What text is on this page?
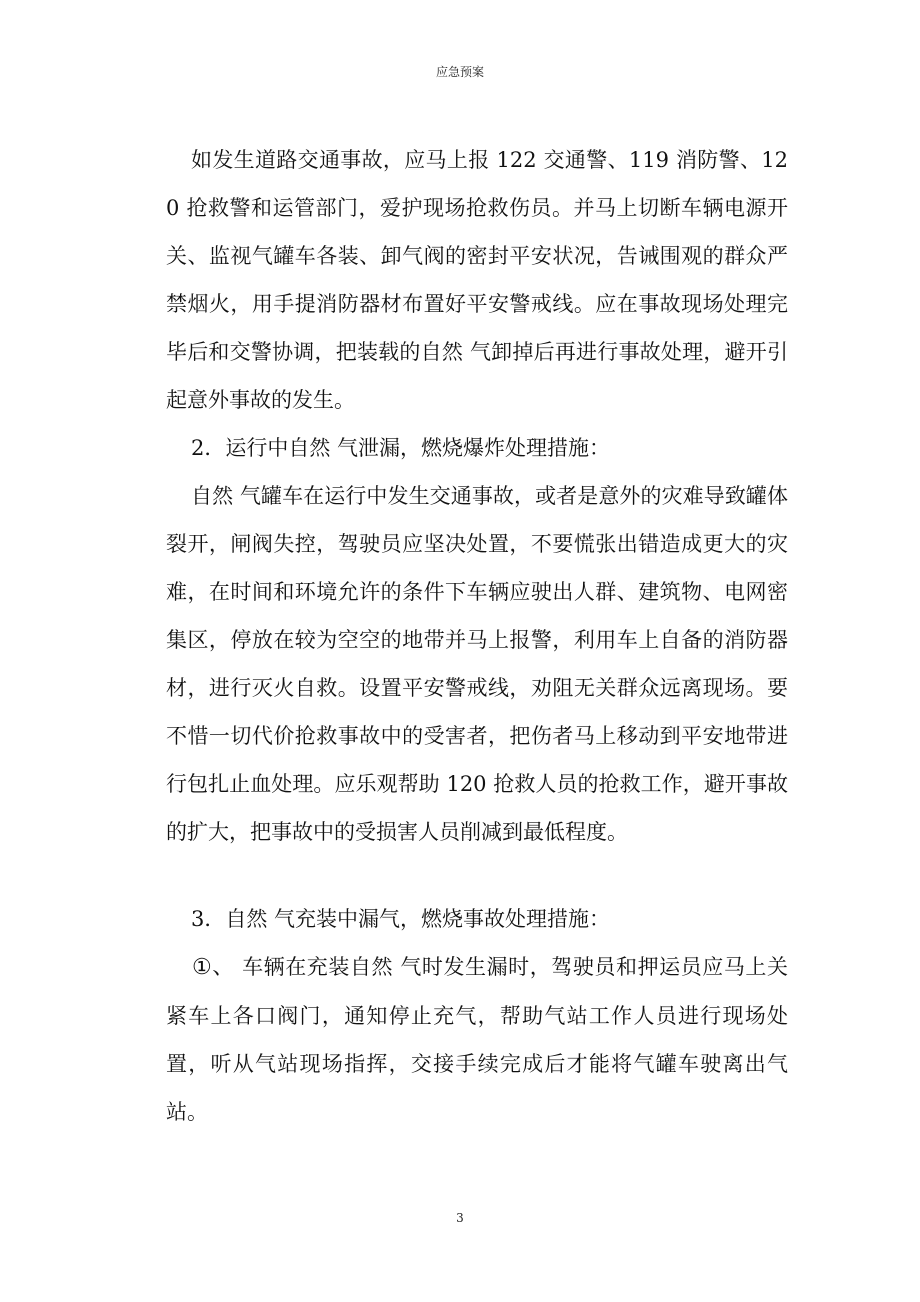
应急预案

如发生道路交通事故，应马上报 122 交通警、119 消防警、120 抢救警和运管部门，爱护现场抢救伤员。并马上切断车辆电源开关、监视气罐车各装、卸气阀的密封平安状况，告诫围观的群众严禁烟火，用手提消防器材布置好平安警戒线。应在事故现场处理完毕后和交警协调，把装载的自然 气卸掉后再进行事故处理，避开引起意外事故的发生。

2．运行中自然 气泄漏，燃烧爆炸处理措施：

自然 气罐车在运行中发生交通事故，或者是意外的灾难导致罐体裂开，闸阀失控，驾驶员应坚决处置，不要慌张出错造成更大的灾难，在时间和环境允许的条件下车辆应驶出人群、建筑物、电网密集区，停放在较为空空的地带并马上报警，利用车上自备的消防器材，进行灭火自救。设置平安警戒线，劝阻无关群众远离现场。要不惜一切代价抢救事故中的受害者，把伤者马上移动到平安地带进行包扎止血处理。应乐观帮助 120 抢救人员的抢救工作，避开事故的扩大，把事故中的受损害人员削减到最低程度。

3．自然 气充装中漏气，燃烧事故处理措施：

①、 车辆在充装自然 气时发生漏时，驾驶员和押运员应马上关紧车上各口阀门，通知停止充气，帮助气站工作人员进行现场处置，听从气站现场指挥，交接手续完成后才能将气罐车驶离出气站。

3
